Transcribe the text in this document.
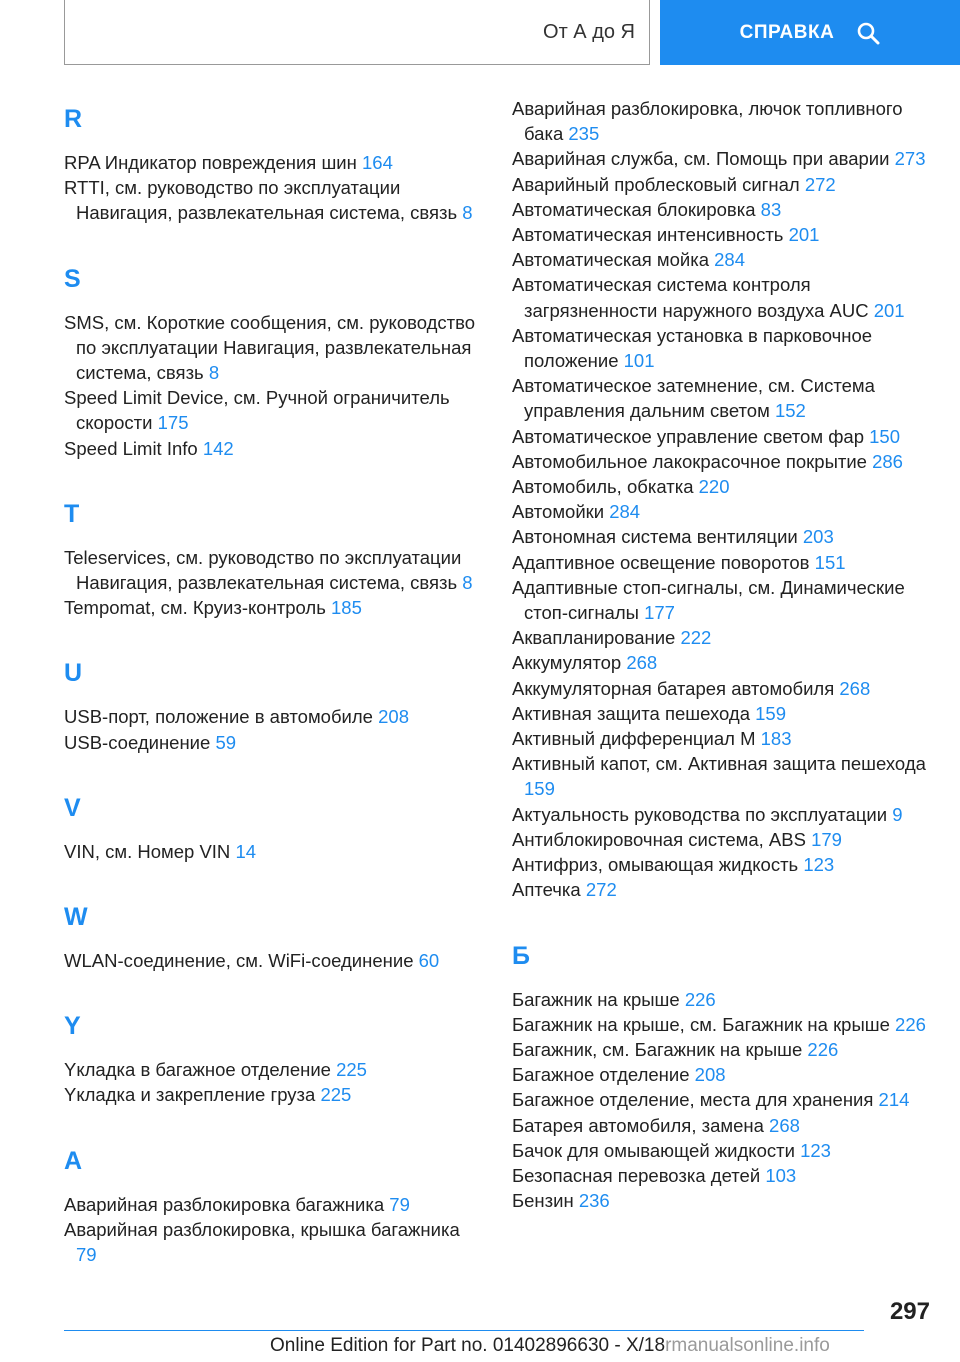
От А до Я	СПРАВКА
R
RPA Индикатор повреждения шин 164
RTTI, см. руководство по эксплуатации Навигация, развлекательная система, связь 8
S
SMS, см. Короткие сообщения, см. руководство по эксплуатации Навигация, развлекательная система, связь 8
Speed Limit Device, см. Ручной ограничитель скорости 175
Speed Limit Info 142
T
Teleservices, см. руководство по эксплуатации Навигация, развлекательная система, связь 8
Tempomat, см. Круиз-контроль 185
U
USB-порт, положение в автомобиле 208
USB-соединение 59
V
VIN, см. Номер VIN 14
W
WLAN-соединение, см. WiFi-соединение 60
Y
Yкладка в багажное отделение 225
Yкладка и закрепление груза 225
А
Аварийная разблокировка багажника 79
Аварийная разблокировка, крышка багажника 79
Аварийная разблокировка, лючок топливного бака 235
Аварийная служба, см. Помощь при аварии 273
Аварийный проблесковый сигнал 272
Автоматическая блокировка 83
Автоматическая интенсивность 201
Автоматическая мойка 284
Автоматическая система контроля загрязненности наружного воздуха AUC 201
Автоматическая установка в парковочное положение 101
Автоматическое затемнение, см. Система управления дальним светом 152
Автоматическое управление светом фар 150
Автомобильное лакокрасочное покрытие 286
Автомобиль, обкатка 220
Автомойки 284
Автономная система вентиляции 203
Адаптивное освещение поворотов 151
Адаптивные стоп-сигналы, см. Динамические стоп-сигналы 177
Аквапланирование 222
Аккумулятор 268
Аккумуляторная батарея автомобиля 268
Активная защита пешехода 159
Активный дифференциал M 183
Активный капот, см. Активная защита пешехода 159
Актуальность руководства по эксплуатации 9
Антиблокировочная система, ABS 179
Антифриз, омывающая жидкость 123
Аптечка 272
Б
Багажник на крыше 226
Багажник на крыше, см. Багажник на крыше 226
Багажник, см. Багажник на крыше 226
Багажное отделение 208
Багажное отделение, места для хранения 214
Батарея автомобиля, замена 268
Бачок для омывающей жидкости 123
Безопасная перевозка детей 103
Бензин 236
297
Online Edition for Part no. 01402896630 - X/18rmanualsonline.info
